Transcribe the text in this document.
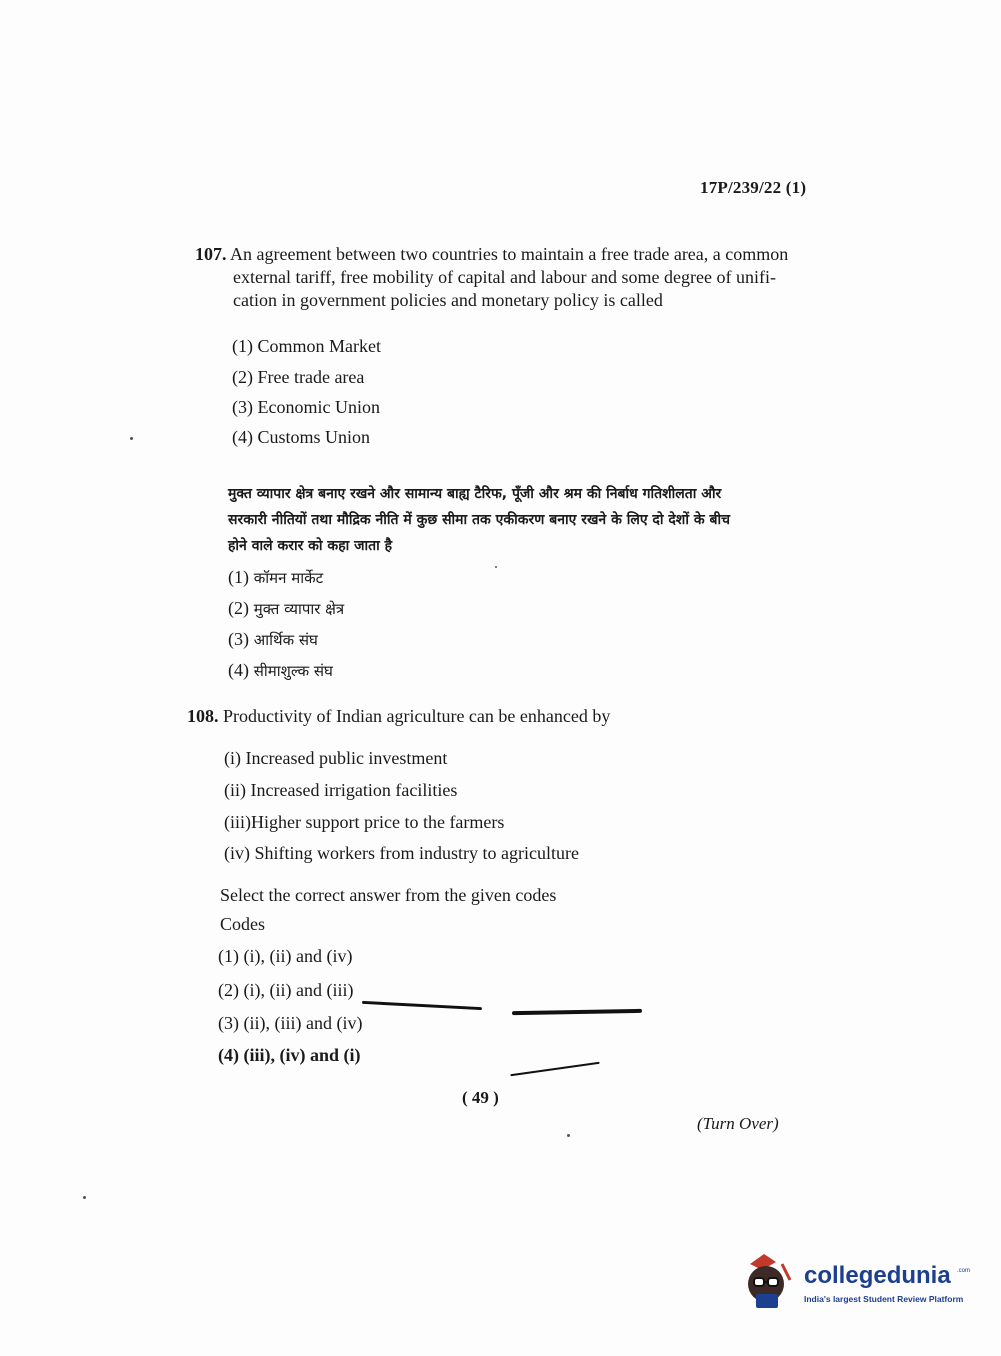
17P/239/22 (1)
107. An agreement between two countries to maintain a free trade area, a common
external tariff, free mobility of capital and labour and some degree of unifi-
cation in government policies and monetary policy is called
(1) Common Market
(2) Free trade area
(3) Economic Union
(4) Customs Union
मुक्त व्यापार क्षेत्र बनाए रखने और सामान्य बाह्य टैरिफ, पूँजी और श्रम की निर्बाध गतिशीलता और
सरकारी नीतियों तथा मौद्रिक नीति में कुछ सीमा तक एकीकरण बनाए रखने के लिए दो देशों के बीच
होने वाले करार को कहा जाता है
(1) कॉमन मार्केट
(2) मुक्त व्यापार क्षेत्र
(3) आर्थिक संघ
(4) सीमाशुल्क संघ
108. Productivity of Indian agriculture can be enhanced by
(i) Increased public investment
(ii) Increased irrigation facilities
(iii)Higher support price to the farmers
(iv) Shifting workers from industry to agriculture
Select the correct answer from the given codes
Codes
(1) (i), (ii) and (iv)
(2) (i), (ii) and (iii)
(3) (ii), (iii) and (iv)
(4) (iii), (iv) and (i)
( 49 )
(Turn Over)
collegedunia .com
India's largest Student Review Platform
